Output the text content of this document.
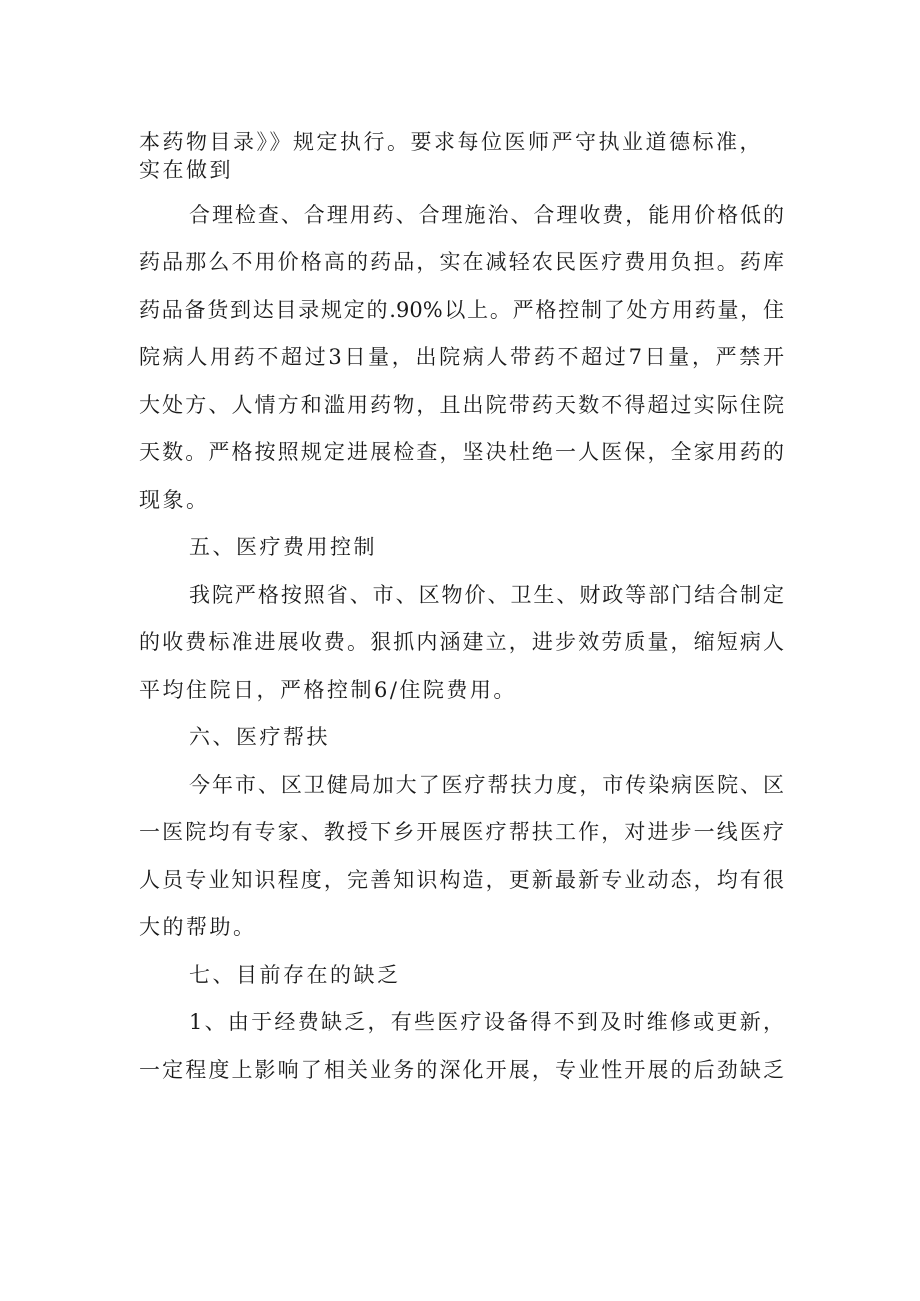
本药物目录》》规定执行。要求每位医师严守执业道德标准，
实在做到
合理检查、合理用药、合理施治、合理收费，能用价格低的
药品那么不用价格高的药品，实在减轻农民医疗费用负担。药库
药品备货到达目录规定的.90%以上。严格控制了处方用药量，住
院病人用药不超过3日量，出院病人带药不超过7日量，严禁开
大处方、人情方和滥用药物，且出院带药天数不得超过实际住院
天数。严格按照规定进展检查，坚决杜绝一人医保，全家用药的
现象。
五、医疗费用控制
我院严格按照省、市、区物价、卫生、财政等部门结合制定
的收费标准进展收费。狠抓内涵建立，进步效劳质量，缩短病人
平均住院日，严格控制6/住院费用。
六、医疗帮扶
今年市、区卫健局加大了医疗帮扶力度，市传染病医院、区
一医院均有专家、教授下乡开展医疗帮扶工作，对进步一线医疗
人员专业知识程度，完善知识构造，更新最新专业动态，均有很
大的帮助。
七、目前存在的缺乏
1、由于经费缺乏，有些医疗设备得不到及时维修或更新，
一定程度上影响了相关业务的深化开展，专业性开展的后劲缺乏
